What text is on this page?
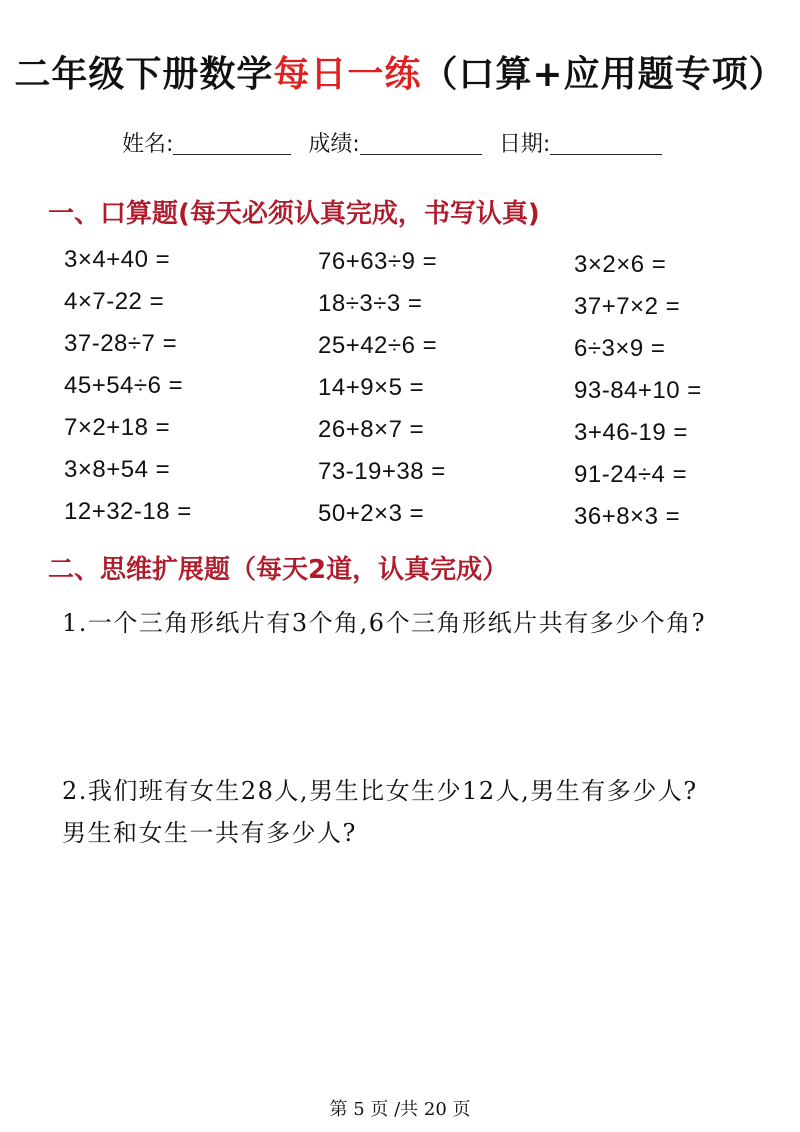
二年级下册数学每日一练（口算+应用题专项）
姓名:	成绩:	日期:
一、口算题(每天必须认真完成，书写认真)
3×4+40 =
4×7-22 =
37-28÷7 =
45+54÷6 =
7×2+18 =
3×8+54 =
12+32-18 =
76+63÷9 =
18÷3÷3 =
25+42÷6 =
14+9×5 =
26+8×7 =
73-19+38 =
50+2×3 =
3×2×6 =
37+7×2 =
6÷3×9 =
93-84+10 =
3+46-19 =
91-24÷4 =
36+8×3 =
二、思维扩展题（每天2道，认真完成）
1.一个三角形纸片有3个角,6个三角形纸片共有多少个角?
2.我们班有女生28人,男生比女生少12人,男生有多少人?
男生和女生一共有多少人?
第 5 页 /共 20 页
